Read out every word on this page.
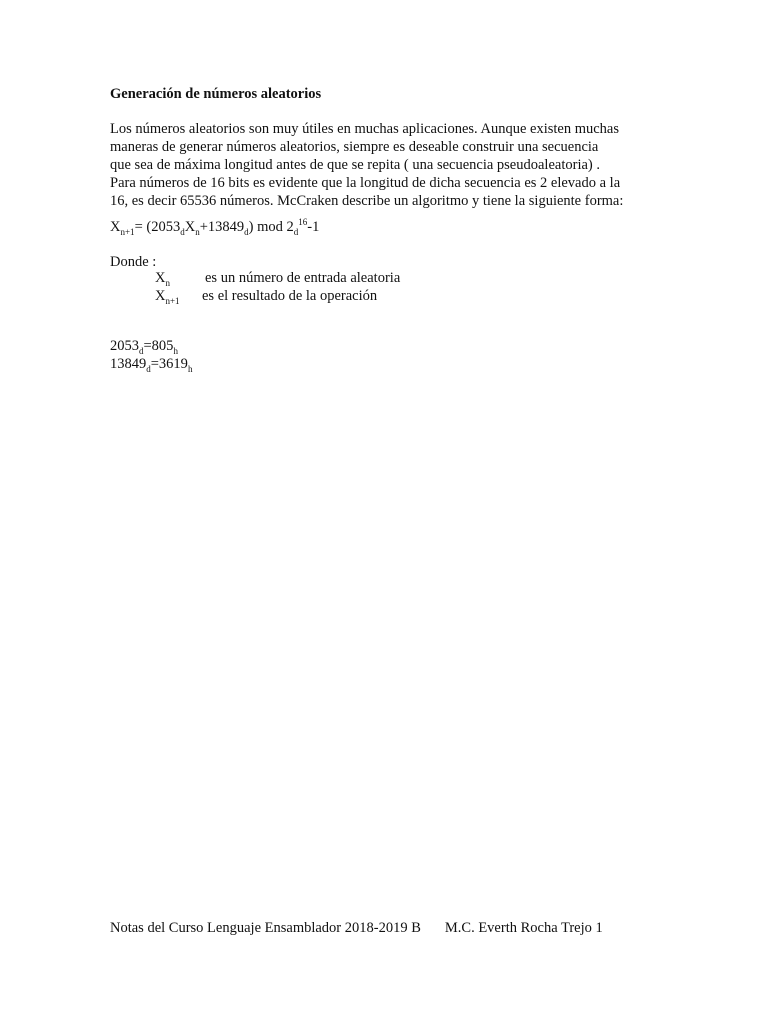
Generación de números aleatorios
Los números aleatorios son muy útiles en muchas aplicaciones. Aunque existen muchas
maneras de generar números aleatorios, siempre es deseable construir una secuencia
que sea de máxima longitud antes de que se repita ( una secuencia pseudoaleatoria) .
Para números de 16 bits es evidente que la longitud de dicha secuencia es 2 elevado a la
16, es decir 65536 números. McCraken describe un algoritmo y tiene la siguiente forma:
$X_{n+1}= (2053_dX_n+13849_d)$ mod $2_d^{16}-1$
Donde :
$X_n$ es un número de entrada aleatoria
$X_{n+1}$ es el resultado de la operación
$2053_d=805_h$
$13849_d=3619_h$
Notas del Curso Lenguaje Ensamblador 2018-2019 B M.C. Everth Rocha Trejo 1
